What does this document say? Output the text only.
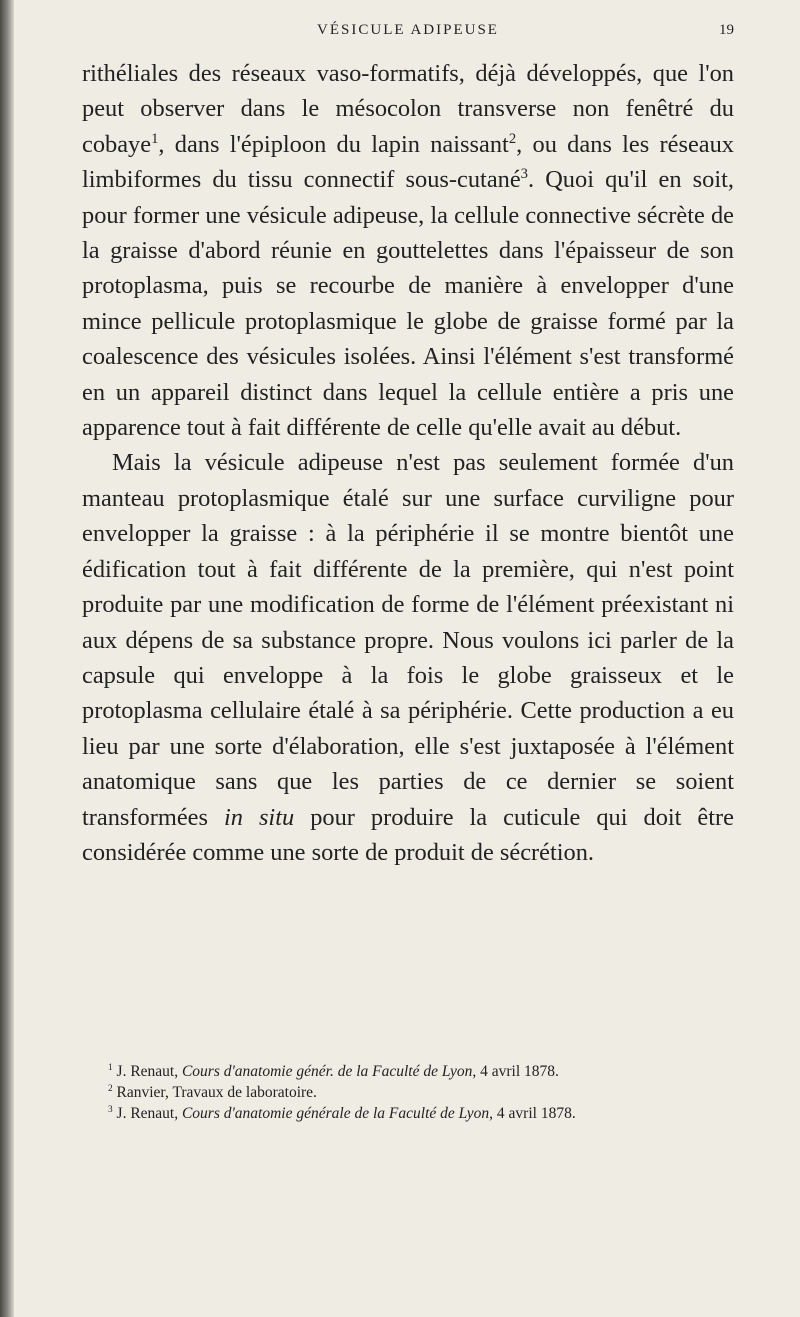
VÉSICULE ADIPEUSE	19

rithéliales des réseaux vaso-formatifs, déjà développés, que l'on peut observer dans le mésocolon transverse non fenêtré du cobaye$^1$, dans l'épiploon du lapin naissant$^2$, ou dans les réseaux limbiformes du tissu connectif sous-cutané$^3$. Quoi qu'il en soit, pour former une vésicule adipeuse, la cellule connective sécrète de la graisse d'abord réunie en gouttelettes dans l'épaisseur de son protoplasma, puis se recourbe de manière à envelopper d'une mince pellicule protoplasmique le globe de graisse formé par la coalescence des vésicules isolées. Ainsi l'élément s'est transformé en un appareil distinct dans lequel la cellule entière a pris une apparence tout à fait différente de celle qu'elle avait au début.

Mais la vésicule adipeuse n'est pas seulement formée d'un manteau protoplasmique étalé sur une surface curviligne pour envelopper la graisse : à la périphérie il se montre bientôt une édification tout à fait différente de la première, qui n'est point produite par une modification de forme de l'élément préexistant ni aux dépens de sa substance propre. Nous voulons ici parler de la capsule qui enveloppe à la fois le globe graisseux et le protoplasma cellulaire étalé à sa périphérie. Cette production a eu lieu par une sorte d'élaboration, elle s'est juxtaposée à l'élément anatomique sans que les parties de ce dernier se soient transformées in situ pour produire la cuticule qui doit être considérée comme une sorte de produit de sécrétion.

$^1$ J. Renaut, Cours d'anatomie génér. de la Faculté de Lyon, 4 avril 1878.

$^2$ Ranvier, Travaux de laboratoire.

$^3$ J. Renaut, Cours d'anatomie générale de la Faculté de Lyon, 4 avril 1878.
